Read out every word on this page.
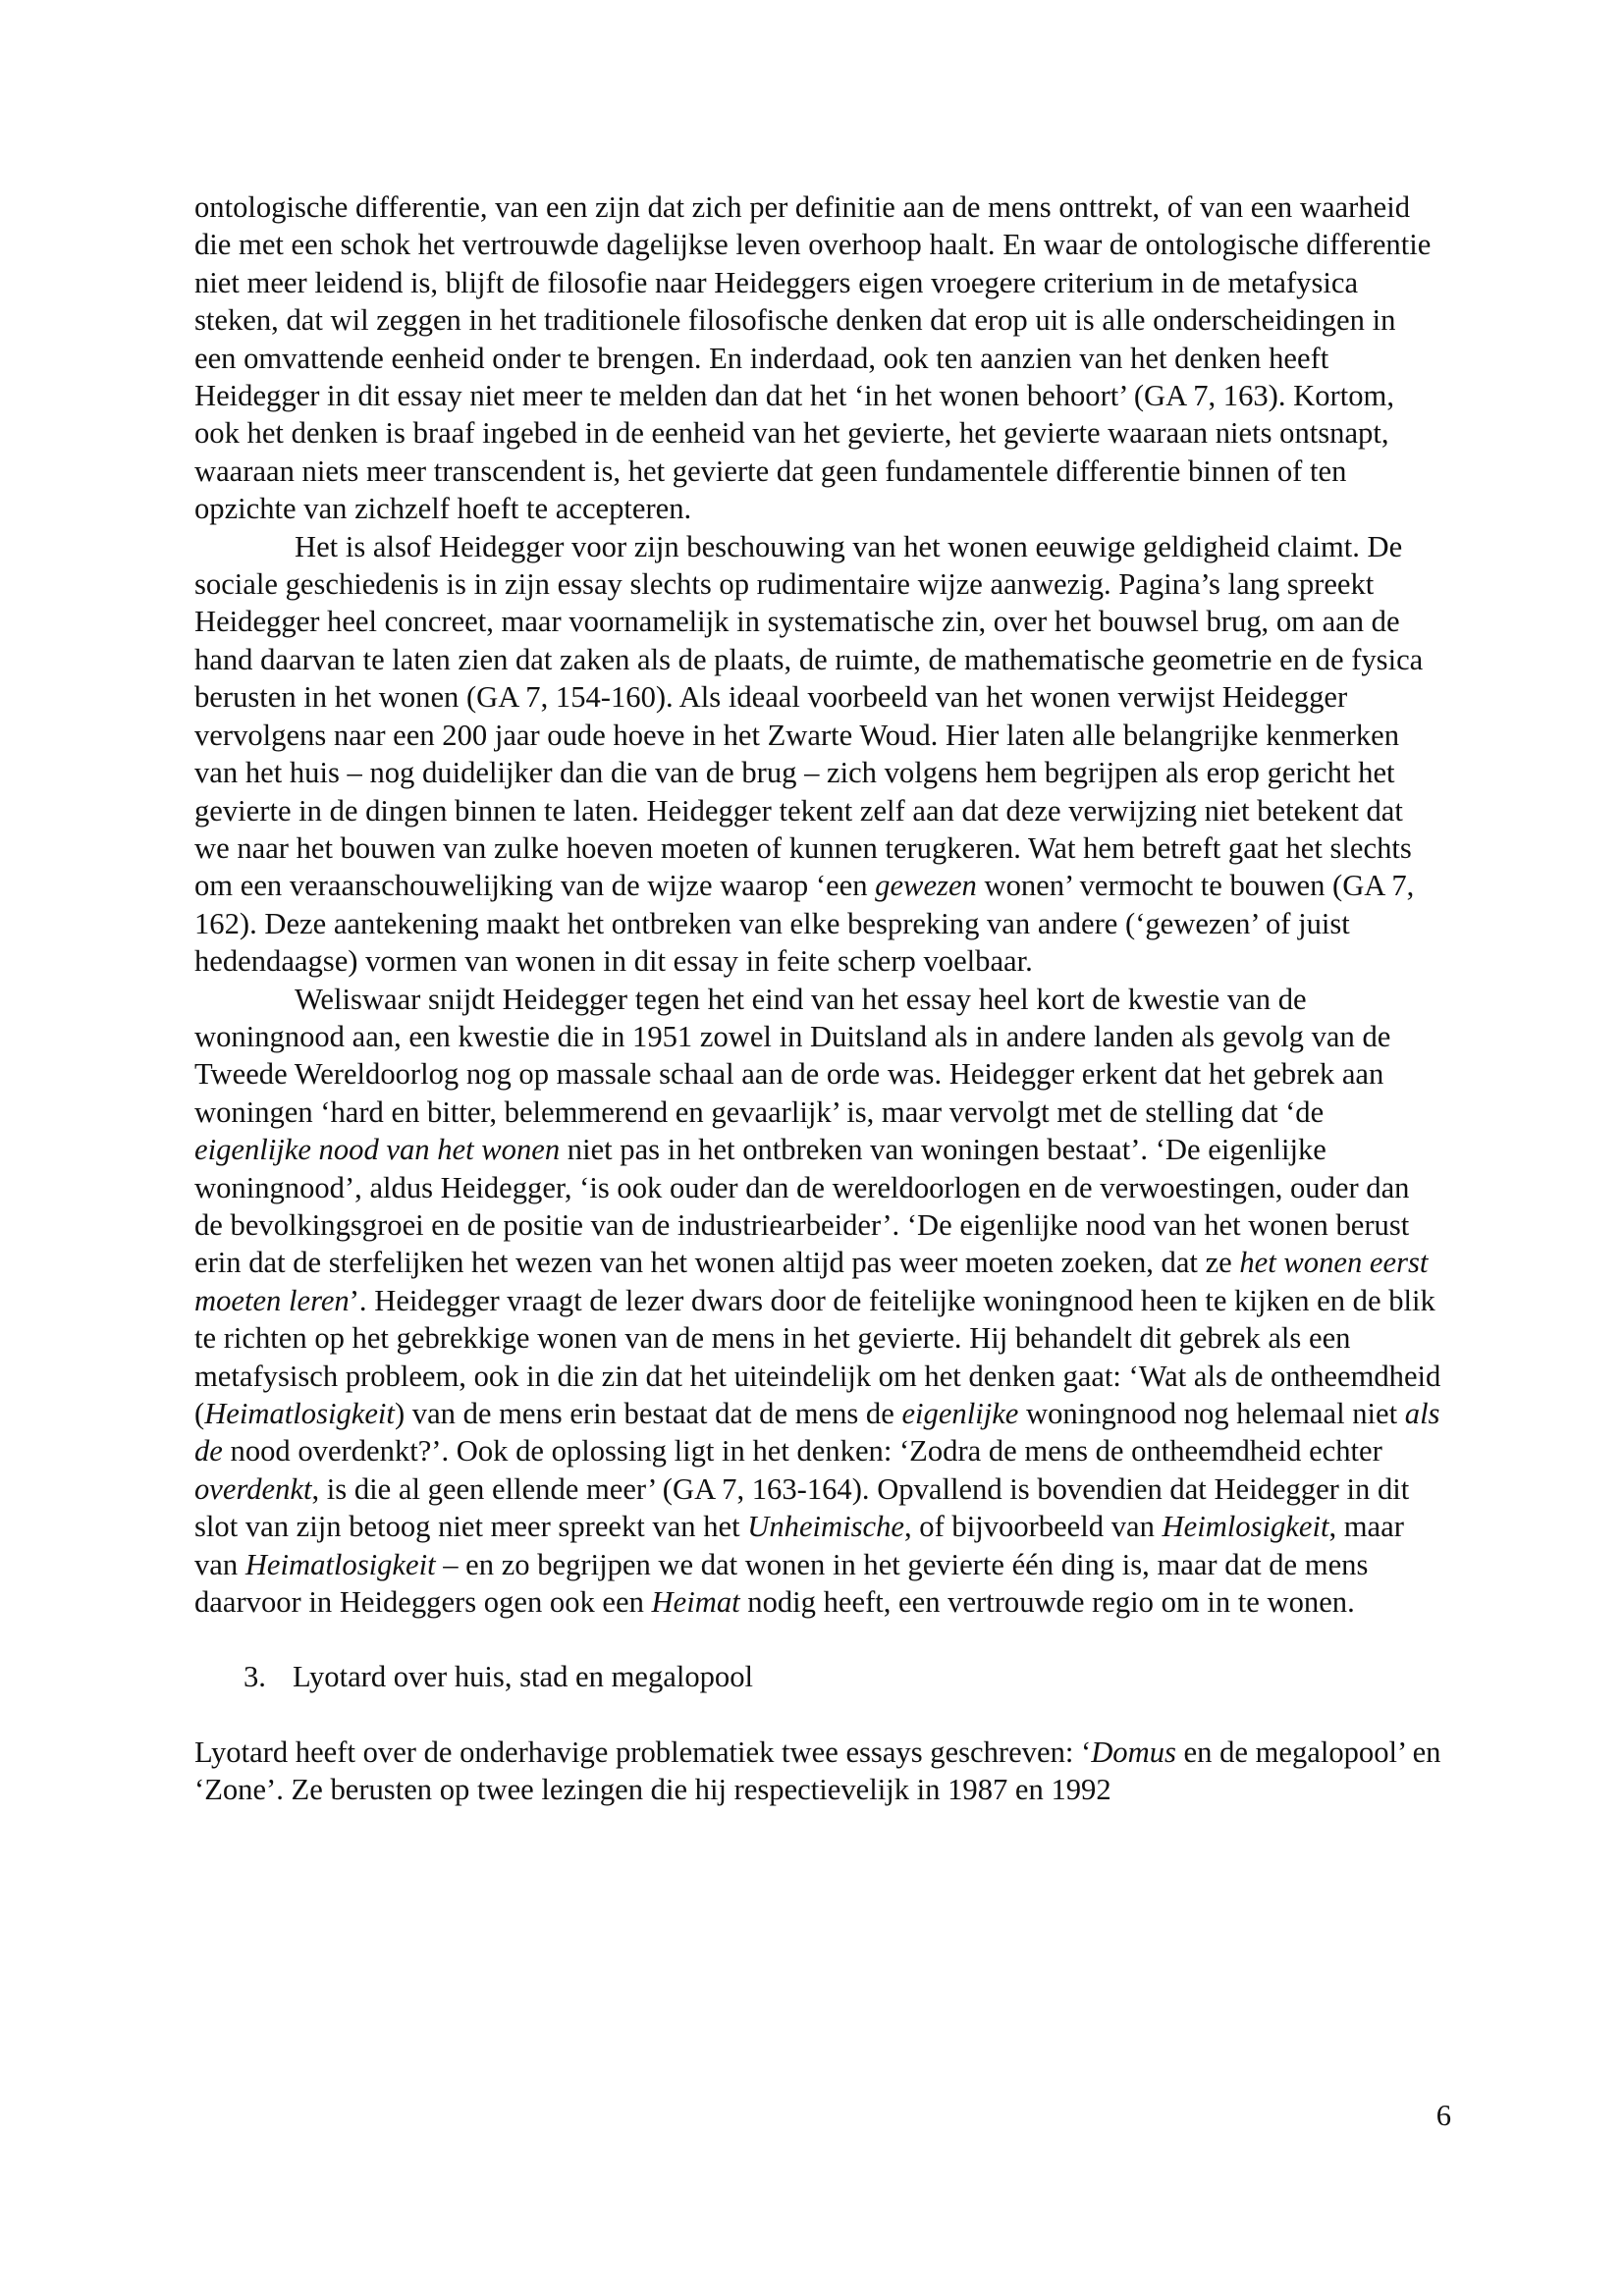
ontologische differentie, van een zijn dat zich per definitie aan de mens onttrekt, of van een waarheid die met een schok het vertrouwde dagelijkse leven overhoop haalt. En waar de ontologische differentie niet meer leidend is, blijft de filosofie naar Heideggers eigen vroegere criterium in de metafysica steken, dat wil zeggen in het traditionele filosofische denken dat erop uit is alle onderscheidingen in een omvattende eenheid onder te brengen. En inderdaad, ook ten aanzien van het denken heeft Heidegger in dit essay niet meer te melden dan dat het ‘in het wonen behoort’ (GA 7, 163). Kortom, ook het denken is braaf ingebed in de eenheid van het gevierte, het gevierte waaraan niets ontsnapt, waaraan niets meer transcendent is, het gevierte dat geen fundamentele differentie binnen of ten opzichte van zichzelf hoeft te accepteren.

Het is alsof Heidegger voor zijn beschouwing van het wonen eeuwige geldigheid claimt. De sociale geschiedenis is in zijn essay slechts op rudimentaire wijze aanwezig. Pagina’s lang spreekt Heidegger heel concreet, maar voornamelijk in systematische zin, over het bouwsel brug, om aan de hand daarvan te laten zien dat zaken als de plaats, de ruimte, de mathematische geometrie en de fysica berusten in het wonen (GA 7, 154-160). Als ideaal voorbeeld van het wonen verwijst Heidegger vervolgens naar een 200 jaar oude hoeve in het Zwarte Woud. Hier laten alle belangrijke kenmerken van het huis – nog duidelijker dan die van de brug – zich volgens hem begrijpen als erop gericht het gevierte in de dingen binnen te laten. Heidegger tekent zelf aan dat deze verwijzing niet betekent dat we naar het bouwen van zulke hoeven moeten of kunnen terugkeren. Wat hem betreft gaat het slechts om een veraanschouwelijking van de wijze waarop ‘een gewezen wonen’ vermocht te bouwen (GA 7, 162). Deze aantekening maakt het ontbreken van elke bespreking van andere (‘gewezen’ of juist hedendaagse) vormen van wonen in dit essay in feite scherp voelbaar.

Weliswaar snijdt Heidegger tegen het eind van het essay heel kort de kwestie van de woningnood aan, een kwestie die in 1951 zowel in Duitsland als in andere landen als gevolg van de Tweede Wereldoorlog nog op massale schaal aan de orde was. Heidegger erkent dat het gebrek aan woningen ‘hard en bitter, belemmerend en gevaarlijk’ is, maar vervolgt met de stelling dat ‘de eigenlijke nood van het wonen niet pas in het ontbreken van woningen bestaat’. ‘De eigenlijke woningnood’, aldus Heidegger, ‘is ook ouder dan de wereldoorlogen en de verwoestingen, ouder dan de bevolkingsgroei en de positie van de industriearbeider’. ‘De eigenlijke nood van het wonen berust erin dat de sterfelijken het wezen van het wonen altijd pas weer moeten zoeken, dat ze het wonen eerst moeten leren’. Heidegger vraagt de lezer dwars door de feitelijke woningnood heen te kijken en de blik te richten op het gebrekkige wonen van de mens in het gevierte. Hij behandelt dit gebrek als een metafysisch probleem, ook in die zin dat het uiteindelijk om het denken gaat: ‘Wat als de ontheemdheid (Heimatlosigkeit) van de mens erin bestaat dat de mens de eigenlijke woningnood nog helemaal niet als de nood overdenkt?’. Ook de oplossing ligt in het denken: ‘Zodra de mens de ontheemdheid echter overdenkt, is die al geen ellende meer’ (GA 7, 163-164). Opvallend is bovendien dat Heidegger in dit slot van zijn betoog niet meer spreekt van het Unheimische, of bijvoorbeeld van Heimlosigkeit, maar van Heimatlosigkeit – en zo begrijpen we dat wonen in het gevierte één ding is, maar dat de mens daarvoor in Heideggers ogen ook een Heimat nodig heeft, een vertrouwde regio om in te wonen.

3. Lyotard over huis, stad en megalopool

Lyotard heeft over de onderhavige problematiek twee essays geschreven: ‘Domus en de megalopool’ en ‘Zone’. Ze berusten op twee lezingen die hij respectievelijk in 1987 en 1992

6
